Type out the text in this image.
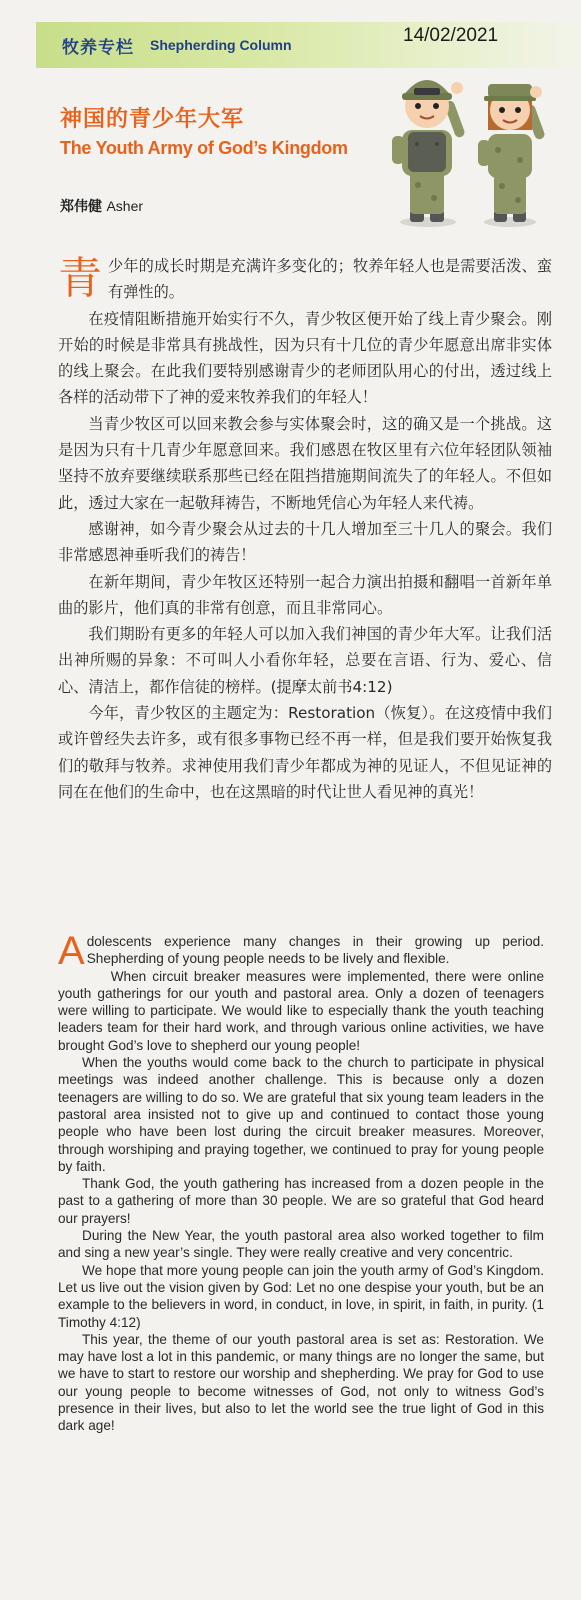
牧养专栏 Shepherding Column	14/02/2021
神国的青少年大军
The Youth Army of God’s Kingdom
郑伟健 Asher

青少年的成长时期是充满许多变化的；牧养年轻人也是需要活泼、蛮有弹性的。

在疫情阻断措施开始实行不久，青少牧区便开始了线上青少聚会。刚开始的时候是非常具有挑战性，因为只有十几位的青少年愿意出席非实体的线上聚会。在此我们要特别感谢青少的老师团队用心的付出，透过线上各样的活动带下了神的爱来牧养我们的年轻人！

当青少牧区可以回来教会参与实体聚会时，这的确又是一个挑战。这是因为只有十几青少年愿意回来。我们感恩在牧区里有六位年轻团队领袖坚持不放弃要继续联系那些已经在阻挡措施期间流失了的年轻人。不但如此，透过大家在一起敬拜祷告，不断地凭信心为年轻人来代祷。

感谢神，如今青少聚会从过去的十几人增加至三十几人的聚会。我们非常感恩神垂听我们的祷告！

在新年期间，青少年牧区还特别一起合力演出拍摄和翻唱一首新年单曲的影片，他们真的非常有创意，而且非常同心。

我们期盼有更多的年轻人可以加入我们神国的青少年大军。让我们活出神所赐的异象：不可叫人小看你年轻，总要在言语、行为、爱心、信心、清洁上，都作信徒的榜样。(提摩太前书4:12)

今年，青少牧区的主题定为：Restoration（恢复）。在这疫情中我们或许曾经失去许多，或有很多事物已经不再一样，但是我们要开始恢复我们的敬拜与牧养。求神使用我们青少年都成为神的见证人，不但见证神的同在在他们的生命中，也在这黑暗的时代让世人看见神的真光！

Adolescents experience many changes in their growing up period. Shepherding of young people needs to be lively and flexible.

When circuit breaker measures were implemented, there were online youth gatherings for our youth and pastoral area. Only a dozen of teenagers were willing to participate. We would like to especially thank the youth teaching leaders team for their hard work, and through various online activities, we have brought God’s love to shepherd our young people!

When the youths would come back to the church to participate in physical meetings was indeed another challenge. This is because only a dozen teenagers are willing to do so. We are grateful that six young team leaders in the pastoral area insisted not to give up and continued to contact those young people who have been lost during the circuit breaker measures. Moreover, through worshiping and praying together, we continued to pray for young people by faith.

Thank God, the youth gathering has increased from a dozen people in the past to a gathering of more than 30 people. We are so grateful that God heard our prayers!

During the New Year, the youth pastoral area also worked together to film and sing a new year’s single. They were really creative and very concentric.

We hope that more young people can join the youth army of God’s Kingdom. Let us live out the vision given by God: Let no one despise your youth, but be an example to the believers in word, in conduct, in love, in spirit, in faith, in purity. (1 Timothy 4:12)

This year, the theme of our youth pastoral area is set as: Restoration. We may have lost a lot in this pandemic, or many things are no longer the same, but we have to start to restore our worship and shepherding. We pray for God to use our young people to become witnesses of God, not only to witness God’s presence in their lives, but also to let the world see the true light of God in this dark age!
